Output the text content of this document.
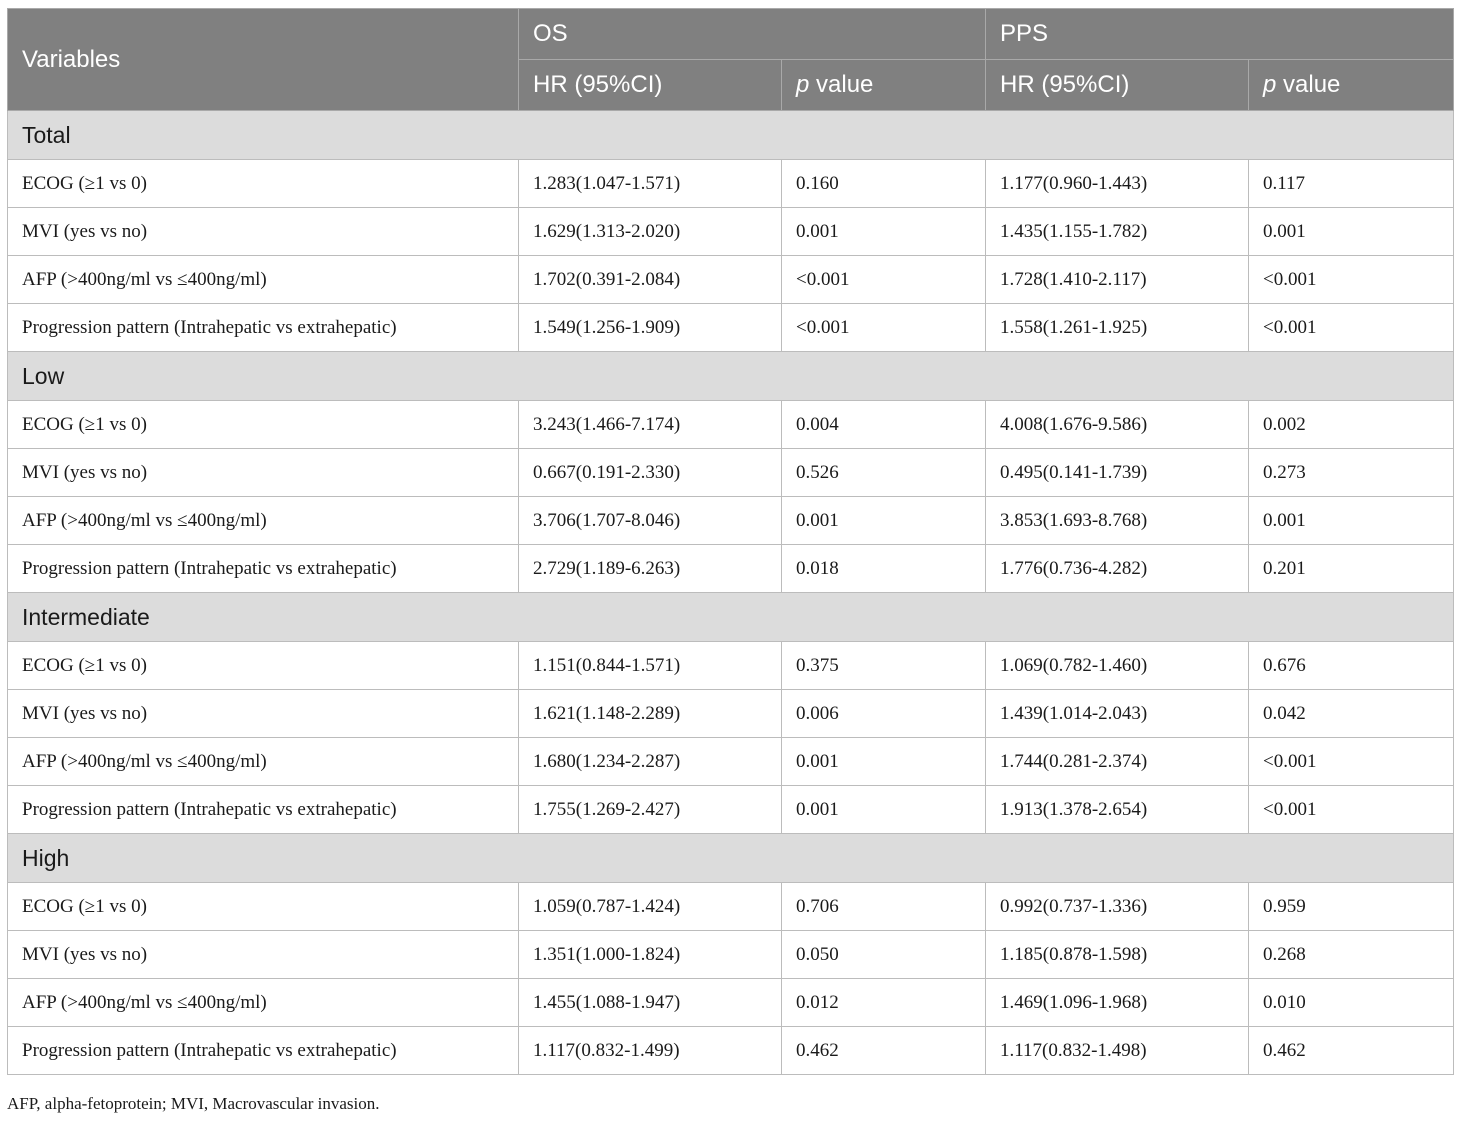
Variables	OS		PPS	
	HR (95%CI)	p value	HR (95%CI)	p value
Total				
ECOG (≥1 vs 0)	1.283(1.047-1.571)	0.160	1.177(0.960-1.443)	0.117
MVI (yes vs no)	1.629(1.313-2.020)	0.001	1.435(1.155-1.782)	0.001
AFP (>400ng/ml vs ≤400ng/ml)	1.702(0.391-2.084)	<0.001	1.728(1.410-2.117)	<0.001
Progression pattern (Intrahepatic vs extrahepatic)	1.549(1.256-1.909)	<0.001	1.558(1.261-1.925)	<0.001
Low				
ECOG (≥1 vs 0)	3.243(1.466-7.174)	0.004	4.008(1.676-9.586)	0.002
MVI (yes vs no)	0.667(0.191-2.330)	0.526	0.495(0.141-1.739)	0.273
AFP (>400ng/ml vs ≤400ng/ml)	3.706(1.707-8.046)	0.001	3.853(1.693-8.768)	0.001
Progression pattern (Intrahepatic vs extrahepatic)	2.729(1.189-6.263)	0.018	1.776(0.736-4.282)	0.201
Intermediate				
ECOG (≥1 vs 0)	1.151(0.844-1.571)	0.375	1.069(0.782-1.460)	0.676
MVI (yes vs no)	1.621(1.148-2.289)	0.006	1.439(1.014-2.043)	0.042
AFP (>400ng/ml vs ≤400ng/ml)	1.680(1.234-2.287)	0.001	1.744(0.281-2.374)	<0.001
Progression pattern (Intrahepatic vs extrahepatic)	1.755(1.269-2.427)	0.001	1.913(1.378-2.654)	<0.001
High				
ECOG (≥1 vs 0)	1.059(0.787-1.424)	0.706	0.992(0.737-1.336)	0.959
MVI (yes vs no)	1.351(1.000-1.824)	0.050	1.185(0.878-1.598)	0.268
AFP (>400ng/ml vs ≤400ng/ml)	1.455(1.088-1.947)	0.012	1.469(1.096-1.968)	0.010
Progression pattern (Intrahepatic vs extrahepatic)	1.117(0.832-1.499)	0.462	1.117(0.832-1.498)	0.462
AFP, alpha-fetoprotein; MVI, Macrovascular invasion.
